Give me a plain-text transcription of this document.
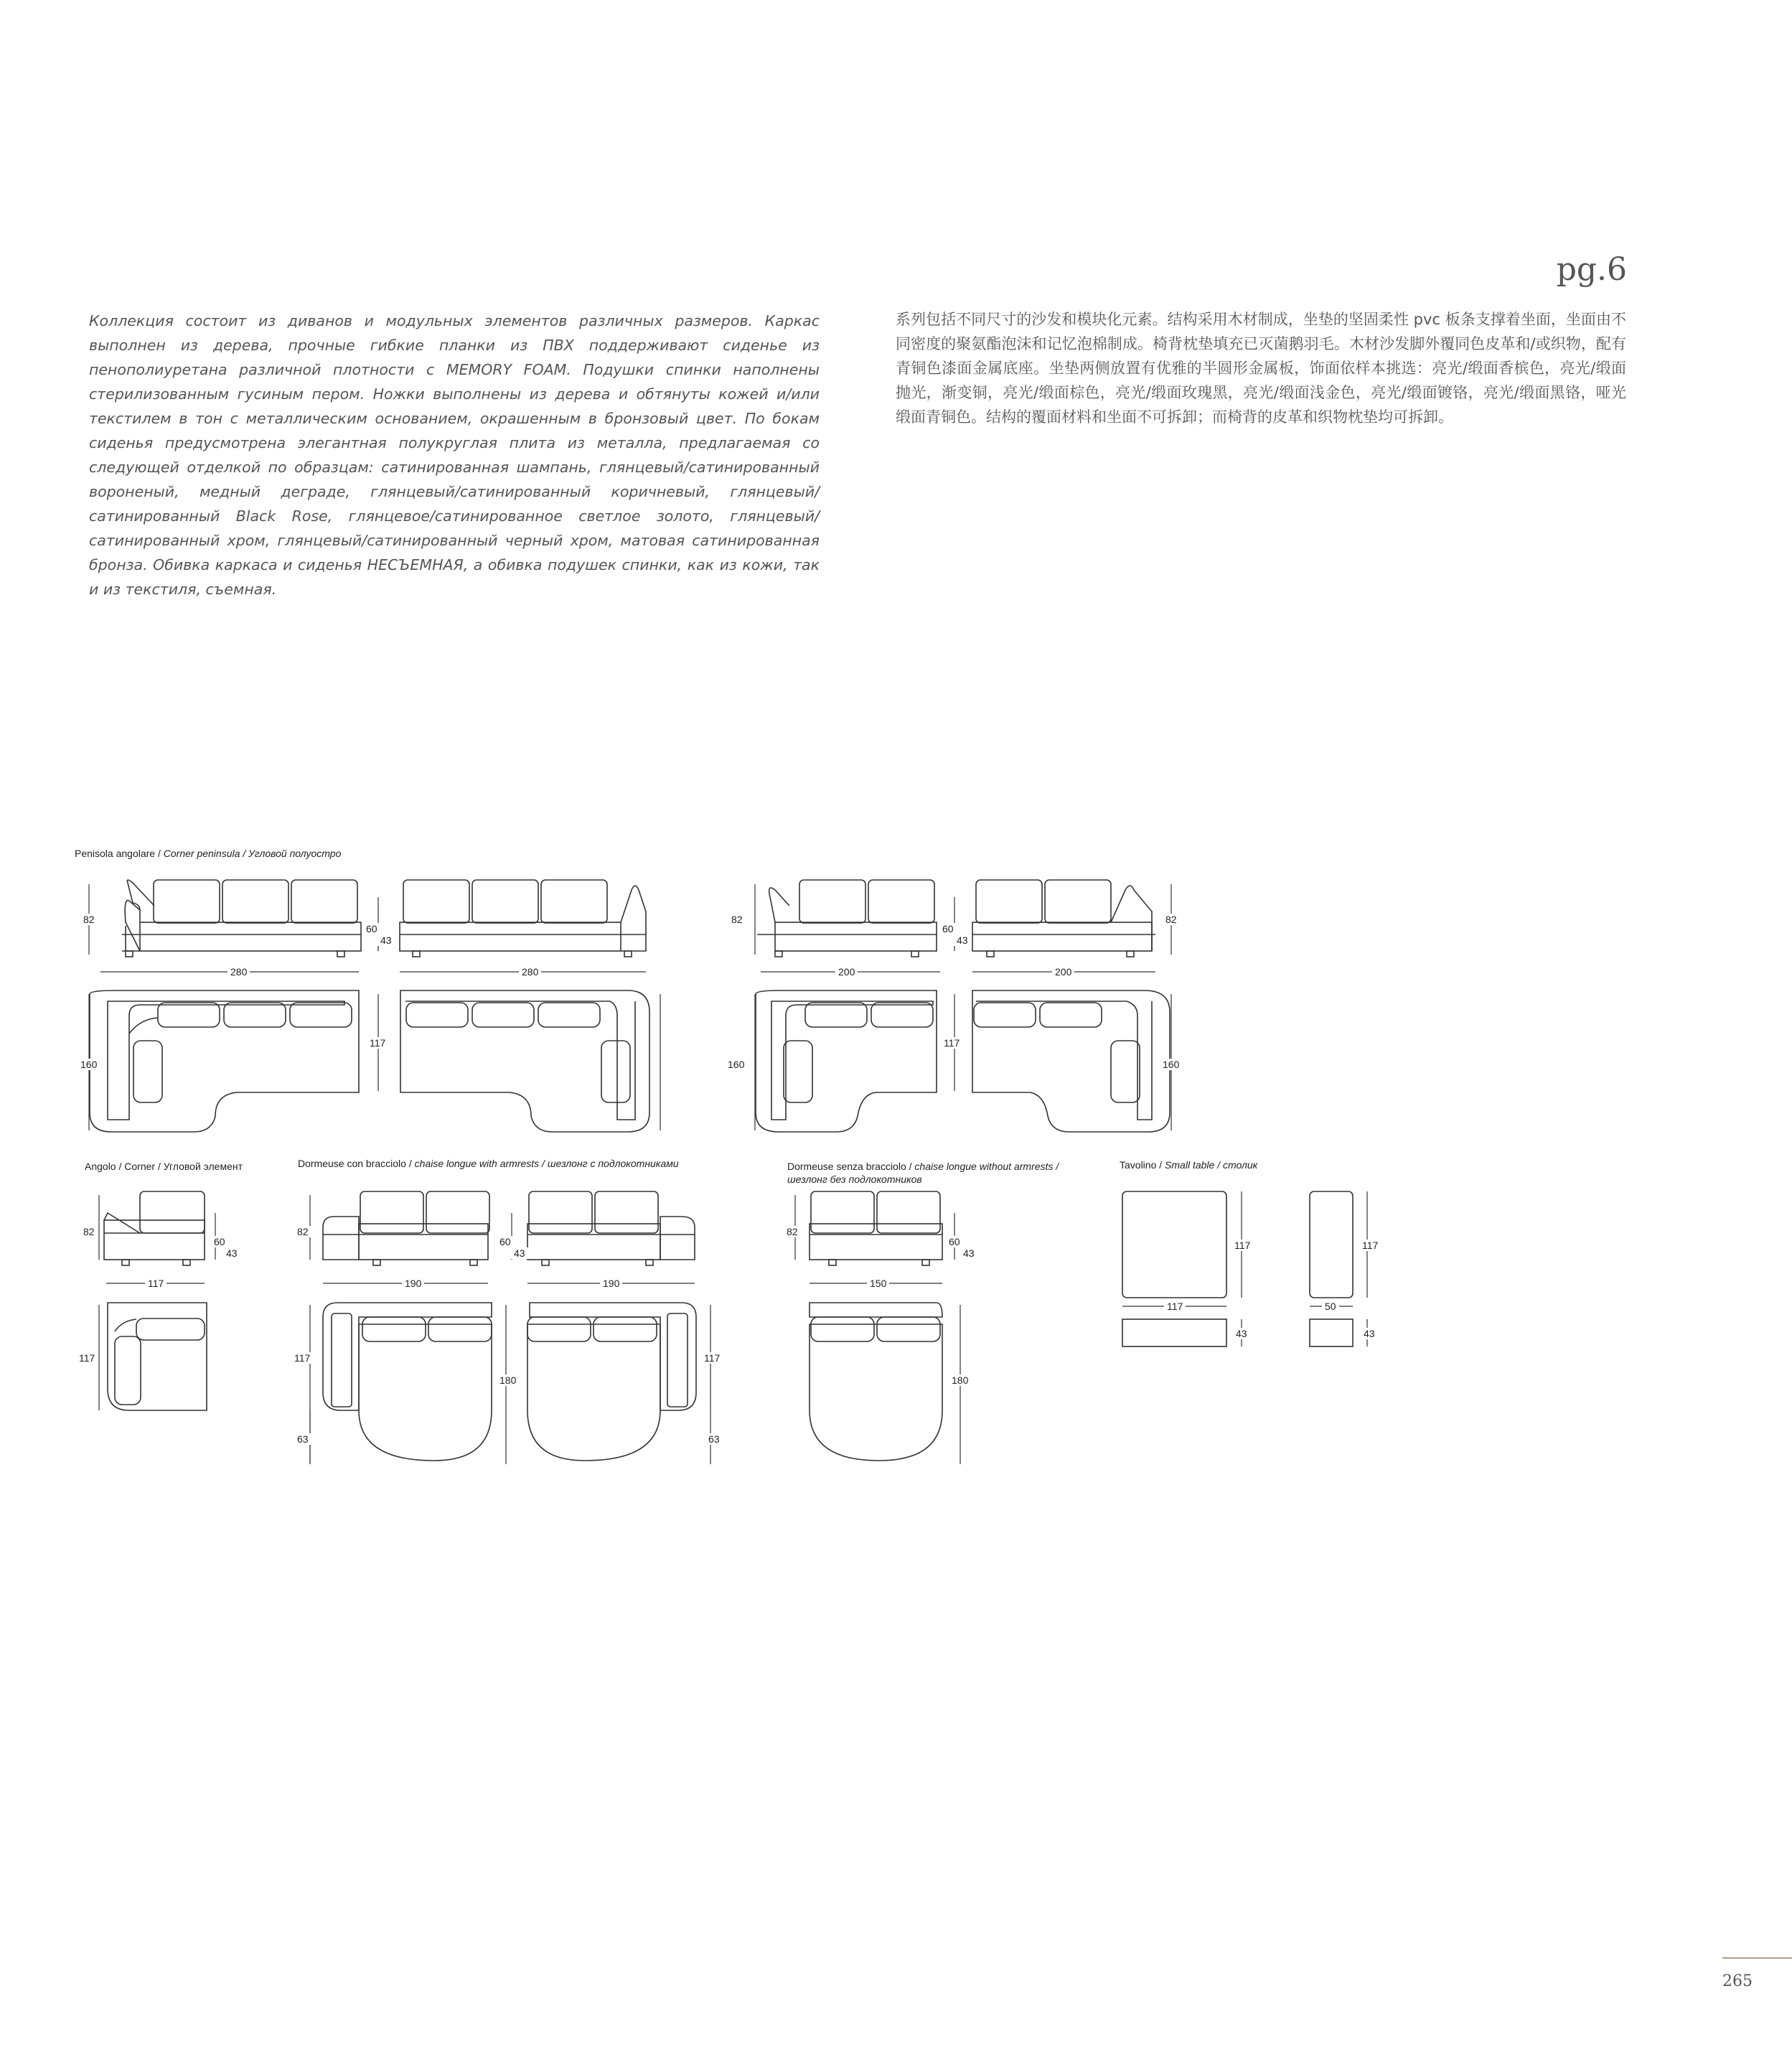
pg.6
Коллекция состоит из диванов и модульных элементов различных размеров. Каркас выполнен из дерева, прочные гибкие планки из ПВХ поддерживают сиденье из пенополиуретана различной плотности с MEMORY FOAM. Подушки спинки наполнены стерилизованным гусиным пером. Ножки выполнены из дерева и обтянуты кожей и/или текстилем в тон с металлическим основанием, окрашенным в бронзовый цвет. По бокам сиденья предусмотрена элегантная полукруглая плита из металла, предлагаемая со следующей отделкой по образцам: сатинированная шампань, глянцевый/сатинированный вороненый, медный деграде, глянцевый/сатинированный коричневый, глянцевый/сатинированный Black Rose, глянцевое/сатинированное светлое золото, глянцевый/сатинированный хром, глянцевый/сатинированный черный хром, матовая сатинированная бронза. Обивка каркаса и сиденья НЕСЪЕМНАЯ, а обивка подушек спинки, как из кожи, так и из текстиля, съемная.
系列包括不同尺寸的沙发和模块化元素。结构采用木材制成，坐垫的坚固柔性 pvc 板条支撑着坐面，坐面由不同密度的聚氨酯泡沫和记忆泡棉制成。椅背枕垫填充已灭菌鹅羽毛。木材沙发脚外覆同色皮革和/或织物，配有青铜色漆面金属底座。坐垫两侧放置有优雅的半圆形金属板，饰面依样本挑选：亮光/缎面香槟色，亮光/缎面抛光，渐变铜，亮光/缎面棕色，亮光/缎面玫瑰黑，亮光/缎面浅金色，亮光/缎面镀铬，亮光/缎面黑铬，哑光缎面青铜色。结构的覆面材料和坐面不可拆卸；而椅背的皮革和织物枕垫均可拆卸。
Penisola angolare / Corner peninsula / Угловой полуостро
Angolo / Corner / Угловой элемент	Dormeuse con bracciolo / chaise longue with armrests / шезлонг с подлокотниками	Dormeuse senza bracciolo / chaise longue without armrests /
шезлонг без подлокотников
Tavolino / Small table / столик
82
60
43
280	280
160
117
82
60
43
82
200	200
160
117
160
82
60
43
117
117
82
60
43
190	190
117
180
117
63	63
82
60
43
150
180
117
117
43
117
50
43
265
